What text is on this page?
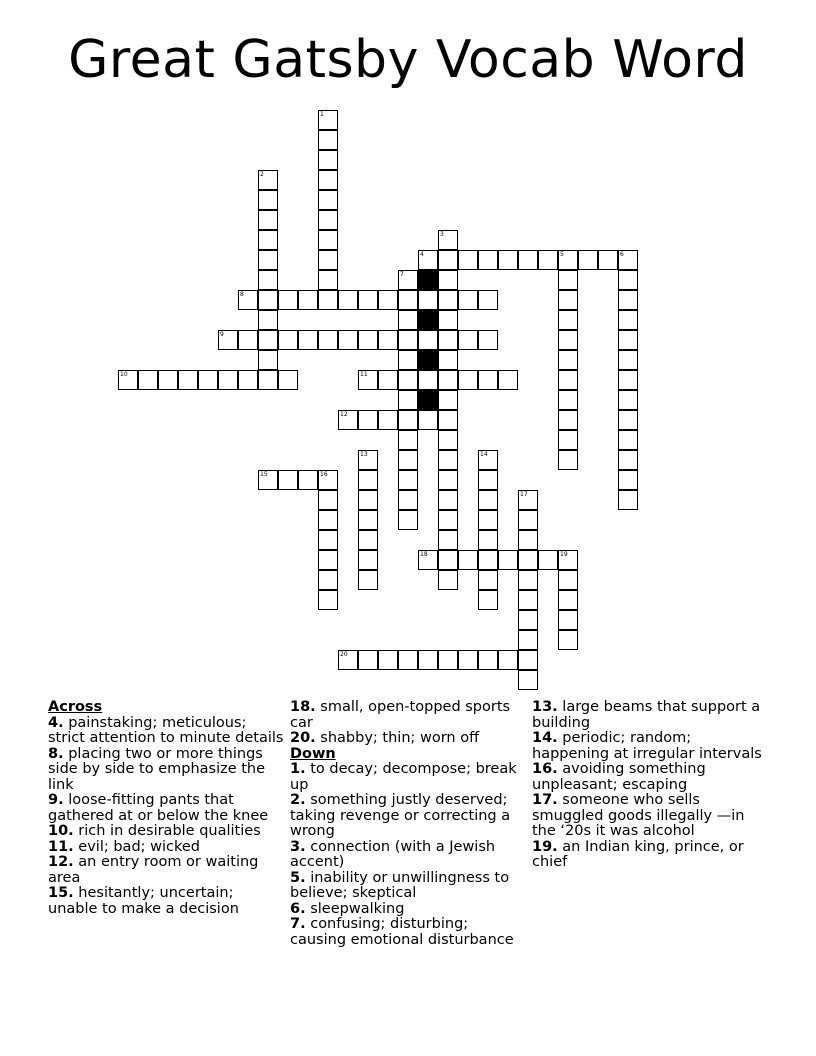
Great Gatsby Vocab Word
4	5	6
8
9
10	11
12
15
18	19
20
1
2
3
7
13	14
16
17
Across
4. painstaking; meticulous; strict attention to minute details
8. placing two or more things side by side to emphasize the link
9. loose-fitting pants that gathered at or below the knee
10. rich in desirable qualities
11. evil; bad; wicked
12. an entry room or waiting area
15. hesitantly; uncertain; unable to make a decision
18. small, open-topped sports car
20. shabby; thin; worn off
Down
1. to decay; decompose; break up
2. something justly deserved; taking revenge or correcting a wrong
3. connection (with a Jewish accent)
5. inability or unwillingness to believe; skeptical
6. sleepwalking
7. confusing; disturbing; causing emotional disturbance
13. large beams that support a building
14. periodic; random; happening at irregular intervals
16. avoiding something unpleasant; escaping
17. someone who sells smuggled goods illegally —in the ‘20s it was alcohol
19. an Indian king, prince, or chief
